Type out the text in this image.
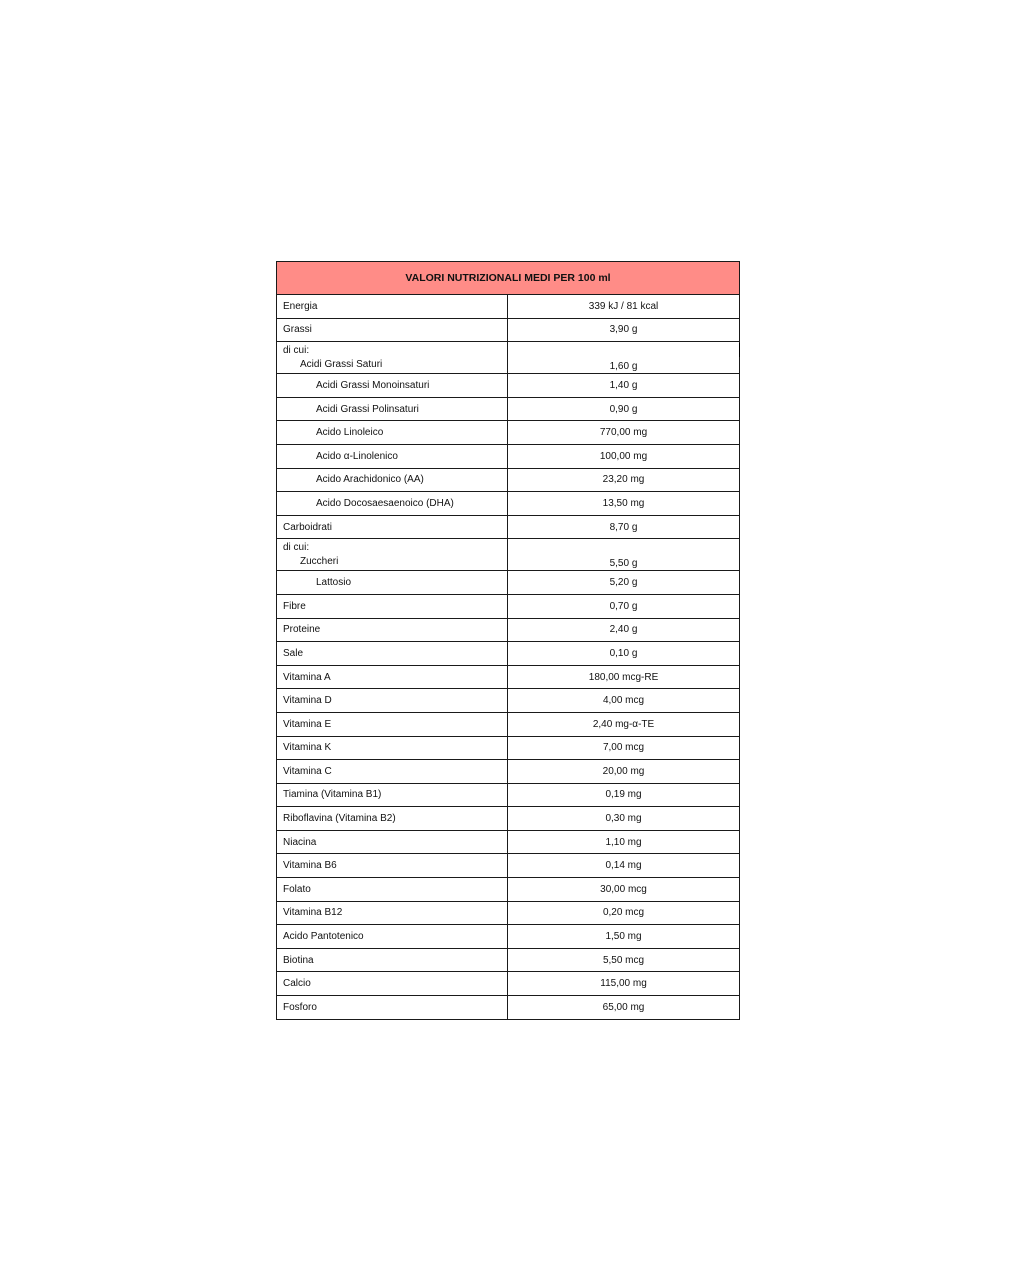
VALORI NUTRIZIONALI MEDI PER 100 ml	
Energia	339 kJ / 81 kcal
Grassi	3,90 g
di cui:
Acidi Grassi Saturi	1,60 g
Acidi Grassi Monoinsaturi	1,40 g
Acidi Grassi Polinsaturi	0,90 g
Acido Linoleico	770,00 mg
Acido α-Linolenico	100,00 mg
Acido Arachidonico (AA)	23,20 mg
Acido Docosaesaenoico (DHA)	13,50 mg
Carboidrati	8,70 g
di cui:
Zuccheri	5,50 g
Lattosio	5,20 g
Fibre	0,70 g
Proteine	2,40 g
Sale	0,10 g
Vitamina A	180,00 mcg-RE
Vitamina D	4,00 mcg
Vitamina E	2,40 mg-α-TE
Vitamina K	7,00 mcg
Vitamina C	20,00 mg
Tiamina (Vitamina B1)	0,19 mg
Riboflavina (Vitamina B2)	0,30 mg
Niacina	1,10 mg
Vitamina B6	0,14 mg
Folato	30,00 mcg
Vitamina B12	0,20 mcg
Acido Pantotenico	1,50 mg
Biotina	5,50 mcg
Calcio	115,00 mg
Fosforo	65,00 mg
